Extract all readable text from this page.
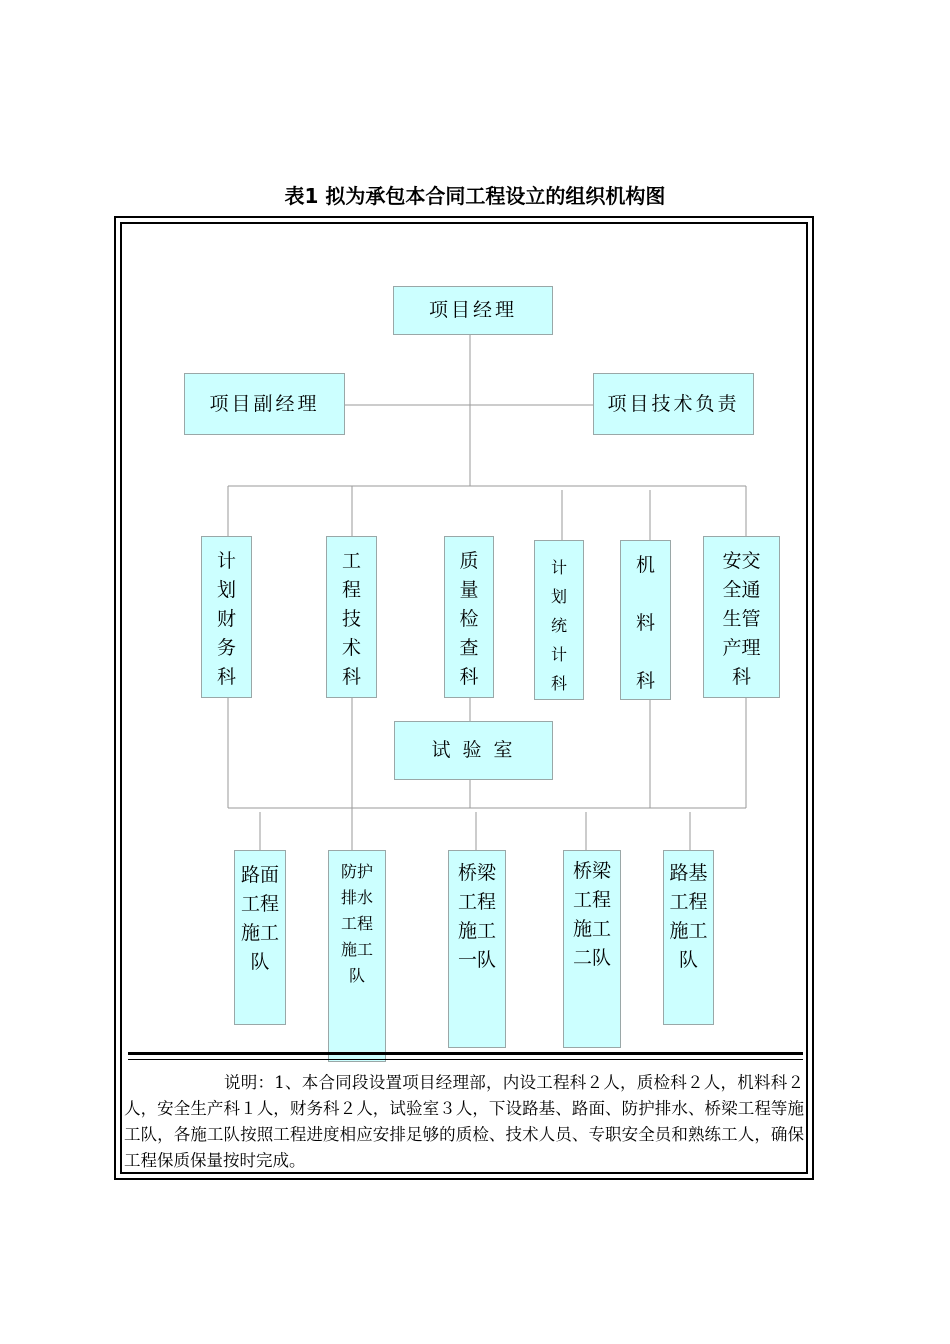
表1 拟为承包本合同工程设立的组织机构图
项目经理
项目副经理	项目技术负责
计
划
财
务
科
工
程
技
术
科
质
量
检
查
科
计
划
统
计
科
机

料

科
安交
全通
生管
产理
科
试 验 室
路面
工程
施工
队
防护
排水
工程
施工
队
桥梁
工程
施工
一队
桥梁
工程
施工
二队
路基
工程
施工
队
说明：1、本合同段设置项目经理部，内设工程科２人，质检科２人，机料科２人，安全生产科１人，财务科２人，试验室３人，下设路基、路面、防护排水、桥梁工程等施工队，各施工队按照工程进度相应安排足够的质检、技术人员、专职安全员和熟练工人，确保工程保质保量按时完成。
